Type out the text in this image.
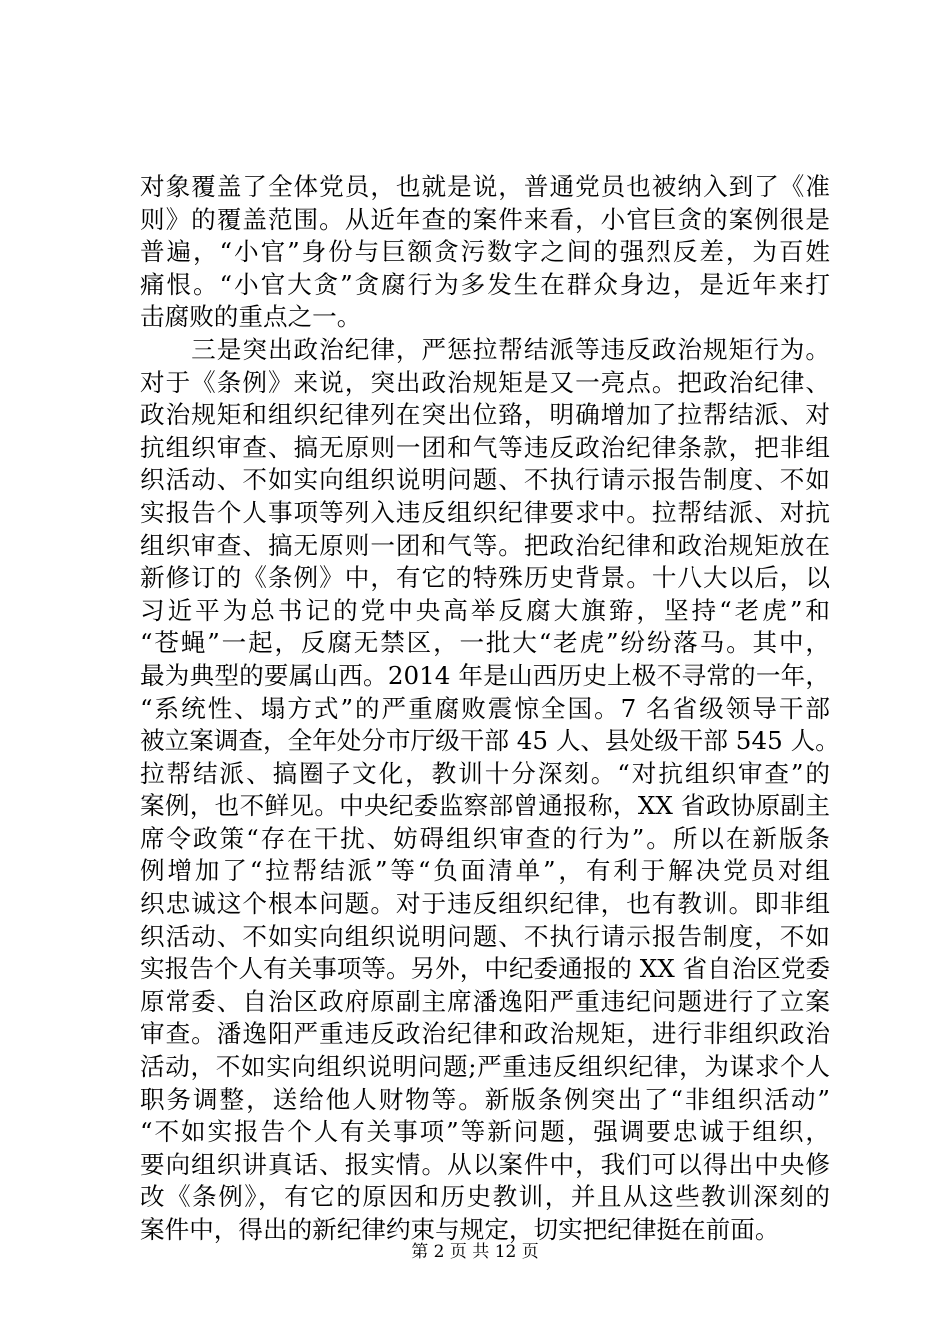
对象覆盖了全体党员，也就是说，普通党员也被纳入到了《准
则》的覆盖范围。从近年查的案件来看，小官巨贪的案例很是
普遍，“小官”身份与巨额贪污数字之间的强烈反差，为百姓
痛恨。“小官大贪”贪腐行为多发生在群众身边，是近年来打
击腐败的重点之一。
　　三是突出政治纪律，严惩拉帮结派等违反政治规矩行为。
对于《条例》来说，突出政治规矩是又一亮点。把政治纪律、
政治规矩和组织纪律列在突出位臵，明确增加了拉帮结派、对
抗组织审查、搞无原则一团和气等违反政治纪律条款，把非组
织活动、不如实向组织说明问题、不执行请示报告制度、不如
实报告个人事项等列入违反组织纪律要求中。拉帮结派、对抗
组织审查、搞无原则一团和气等。把政治纪律和政治规矩放在
新修订的《条例》中，有它的特殊历史背景。十八大以后，以
习近平为总书记的党中央高举反腐大旗臶，坚持“老虎”和
“苍蝇”一起，反腐无禁区，一批大“老虎”纷纷落马。其中，
最为典型的要属山西。2014 年是山西历史上极不寻常的一年，
“系统性、塌方式”的严重腐败震惊全国。7 名省级领导干部
被立案调查，全年处分市厅级干部 45 人、县处级干部 545 人。
拉帮结派、搞圈子文化，教训十分深刻。“对抗组织审查”的
案例，也不鲜见。中央纪委监察部曾通报称，XX 省政协原副主
席令政策“存在干扰、妨碍组织审查的行为”。所以在新版条
例增加了“拉帮结派”等“负面清单”，有利于解决党员对组
织忠诚这个根本问题。对于违反组织纪律，也有教训。即非组
织活动、不如实向组织说明问题、不执行请示报告制度，不如
实报告个人有关事项等。另外，中纪委通报的 XX 省自治区党委
原常委、自治区政府原副主席潘逸阳严重违纪问题进行了立案
审查。潘逸阳严重违反政治纪律和政治规矩，进行非组织政治
活动，不如实向组织说明问题;严重违反组织纪律，为谋求个人
职务调整，送给他人财物等。新版条例突出了“非组织活动”
“不如实报告个人有关事项”等新问题，强调要忠诚于组织，
要向组织讲真话、报实情。从以案件中，我们可以得出中央修
改《条例》，有它的原因和历史教训，并且从这些教训深刻的
案件中，得出的新纪律约束与规定，切实把纪律挺在前面。
第 2 页 共 12 页
